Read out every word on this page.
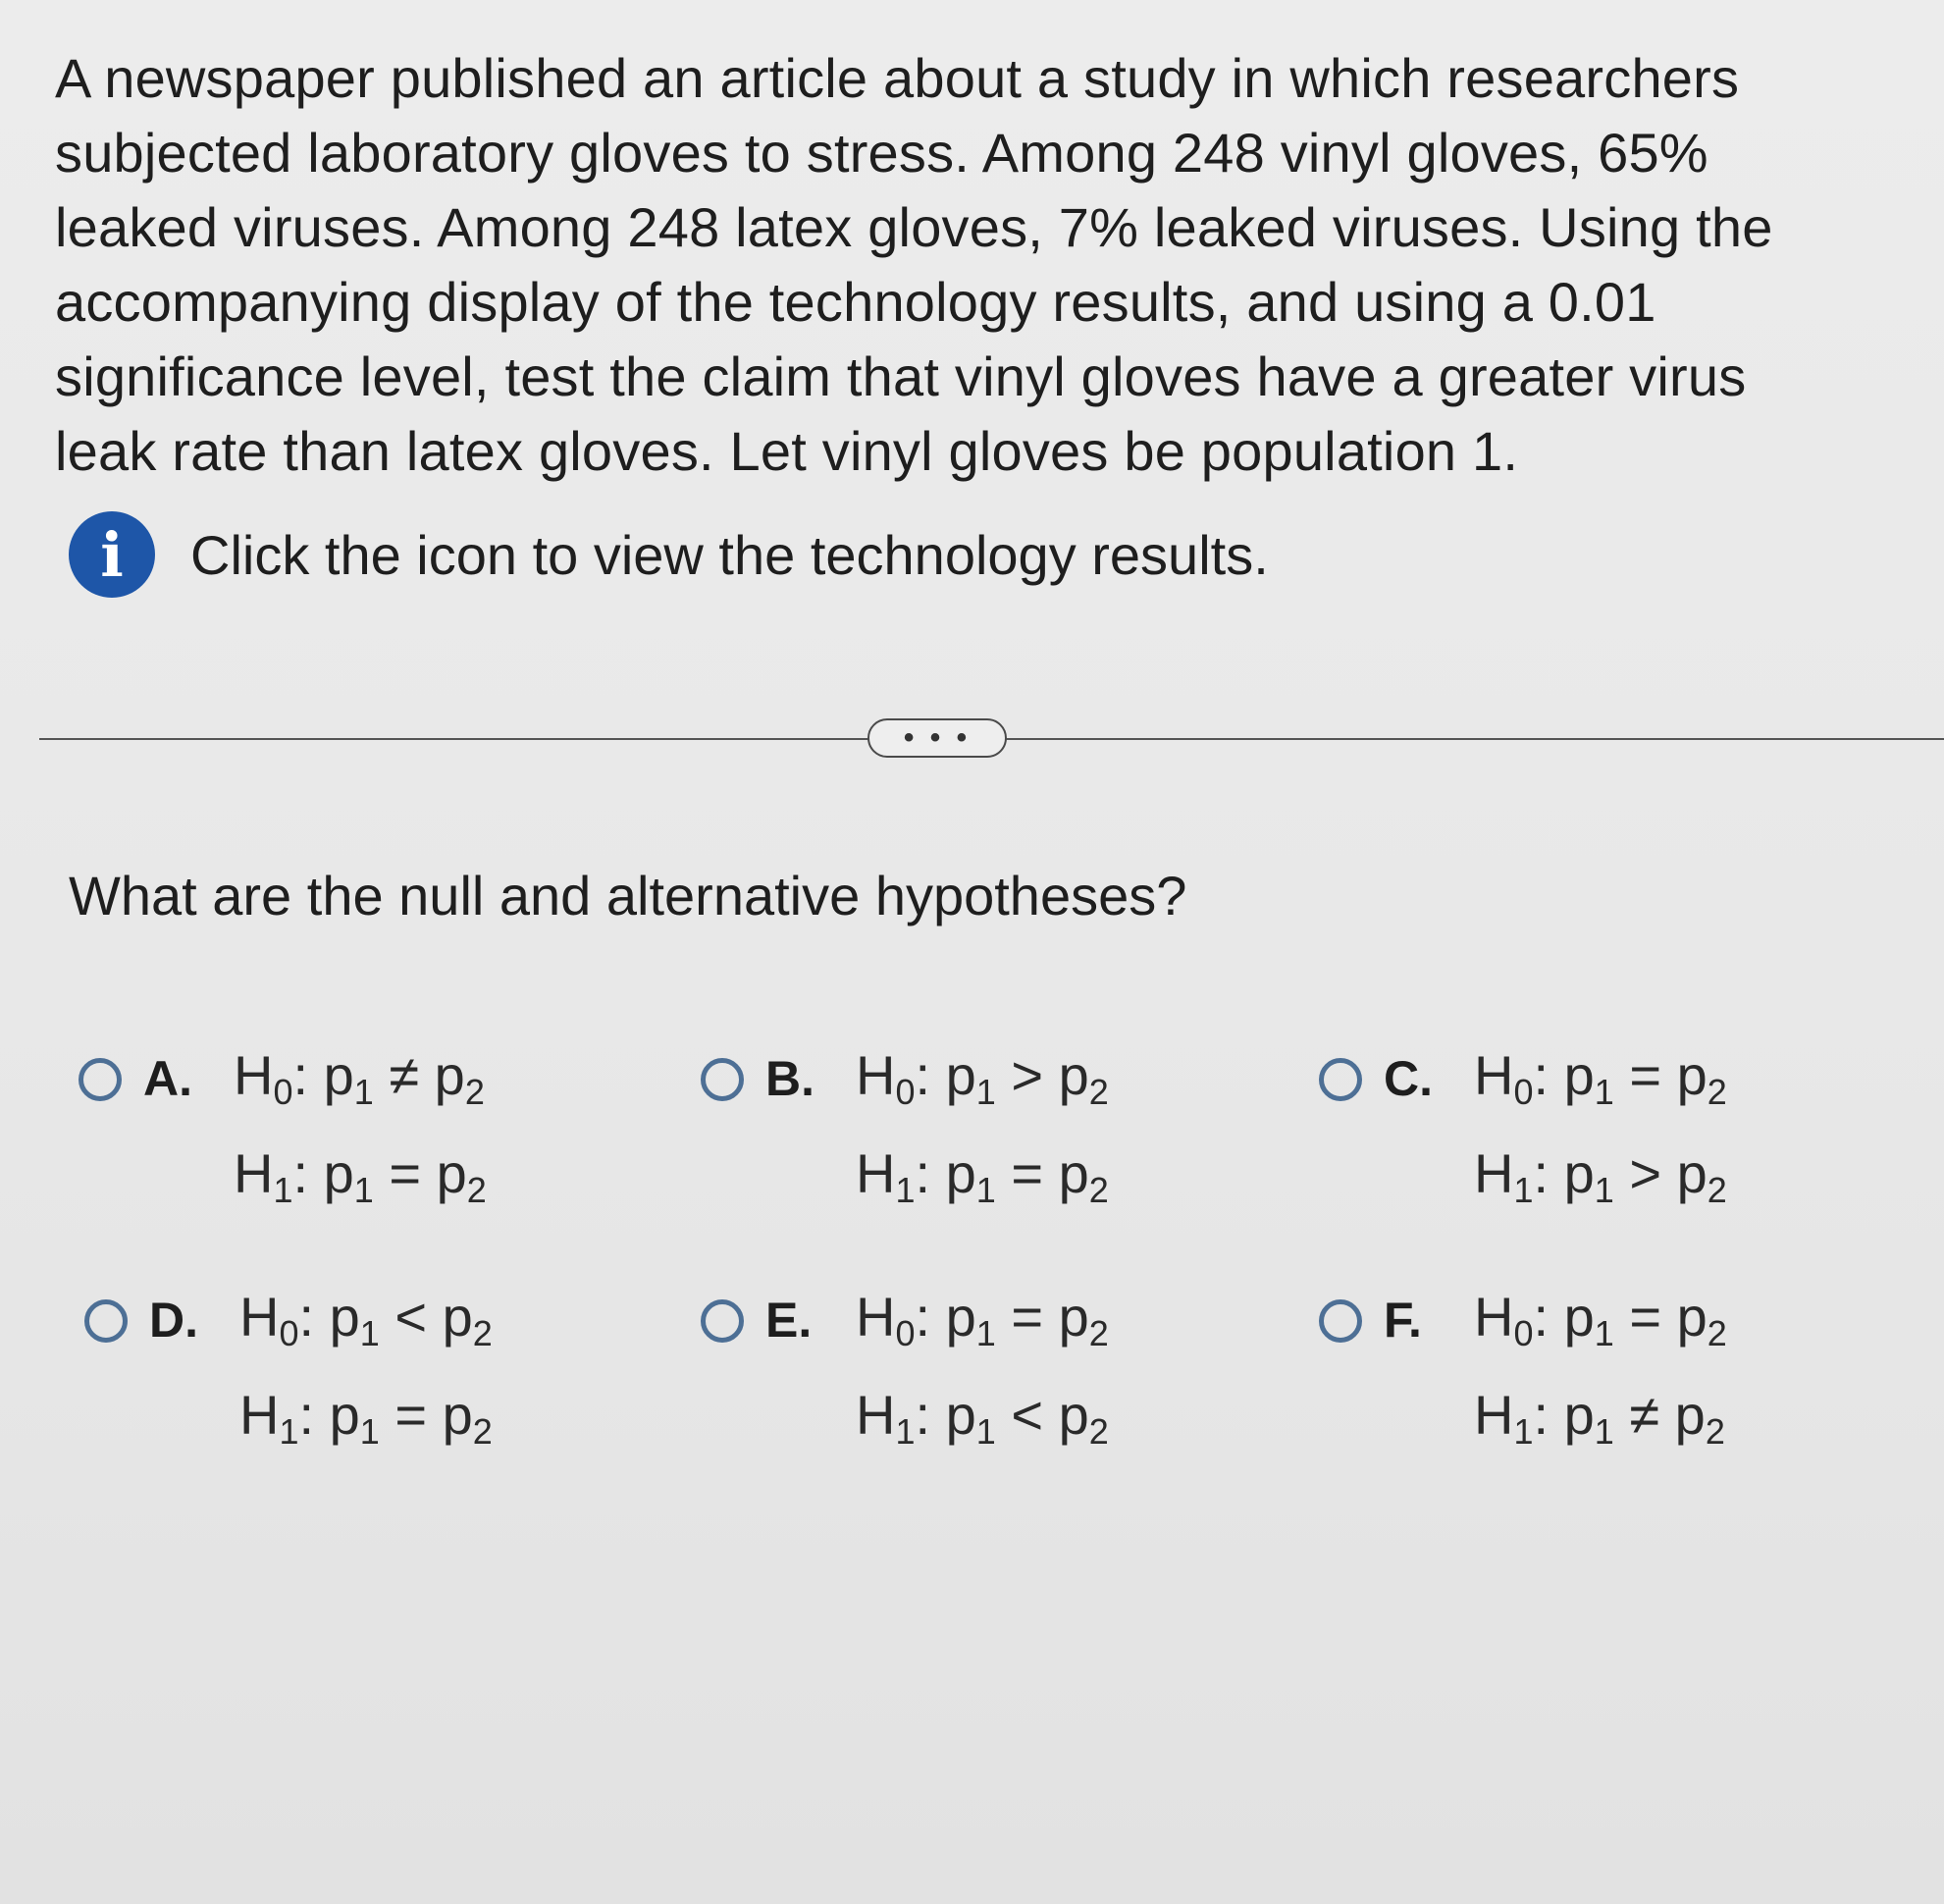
A newspaper published an article about a study in which researchers
subjected laboratory gloves to stress. Among 248 vinyl gloves, 65%
leaked viruses. Among 248 latex gloves, 7% leaked viruses. Using the
accompanying display of the technology results, and using a 0.01
significance level, test the claim that vinyl gloves have a greater virus
leak rate than latex gloves. Let vinyl gloves be population 1.
i	Click the icon to view the technology results.
• • •
What are the null and alternative hypotheses?
A. $H_0$: $p_1 \ne p_2$
$H_1$: $p_1 = p_2$
B. $H_0$: $p_1 > p_2$
$H_1$: $p_1 = p_2$
C. $H_0$: $p_1 = p_2$
$H_1$: $p_1 > p_2$
D. $H_0$: $p_1 < p_2$
$H_1$: $p_1 = p_2$
E. $H_0$: $p_1 = p_2$
$H_1$: $p_1 < p_2$
F. $H_0$: $p_1 = p_2$
$H_1$: $p_1 \ne p_2$
